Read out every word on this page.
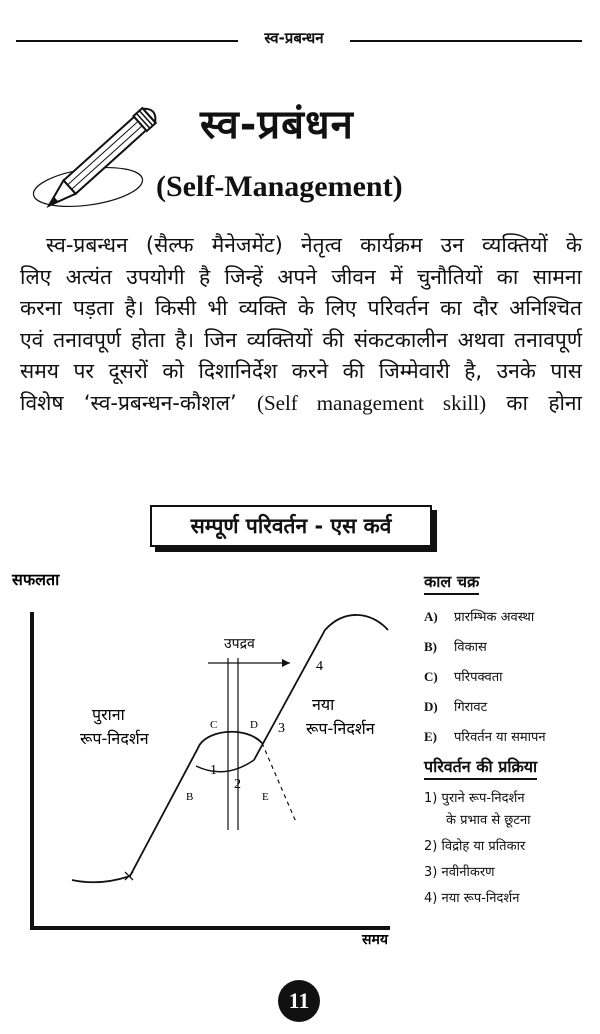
स्व-प्रबन्धन
स्व-प्रबंधन
(Self-Management)
स्व-प्रबन्धन (सैल्फ मैनेजमेंट) नेतृत्व कार्यक्रम उन व्यक्तियों के
लिए अत्यंत उपयोगी है जिन्हें अपने जीवन में चुनौतियों का सामना
करना पड़ता है। किसी भी व्यक्ति के लिए परिवर्तन का दौर अनिश्चित
एवं तनावपूर्ण होता है। जिन व्यक्तियों की संकटकालीन अथवा तनावपूर्ण
समय पर दूसरों को दिशानिर्देश करने की जिम्मेवारी है, उनके पास
विशेष ‘स्व-प्रबन्धन-कौशल’ (Self management skill) का होना
सम्पूर्ण परिवर्तन - एस कर्व
सफलता
समय
उपद्रव
B
C	D
E
1
2
3
4
पुराना
रूप-निदर्शन
नया
रूप-निदर्शन
काल चक्र
A) प्रारम्भिक अवस्था
B) विकास
C) परिपक्वता
D) गिरावट
E) परिवर्तन या समापन
परिवर्तन की प्रक्रिया
1) पुराने रूप-निदर्शन
के प्रभाव से छूटना
2) विद्रोह या प्रतिकार
3) नवीनीकरण
4) नया रूप-निदर्शन
11
